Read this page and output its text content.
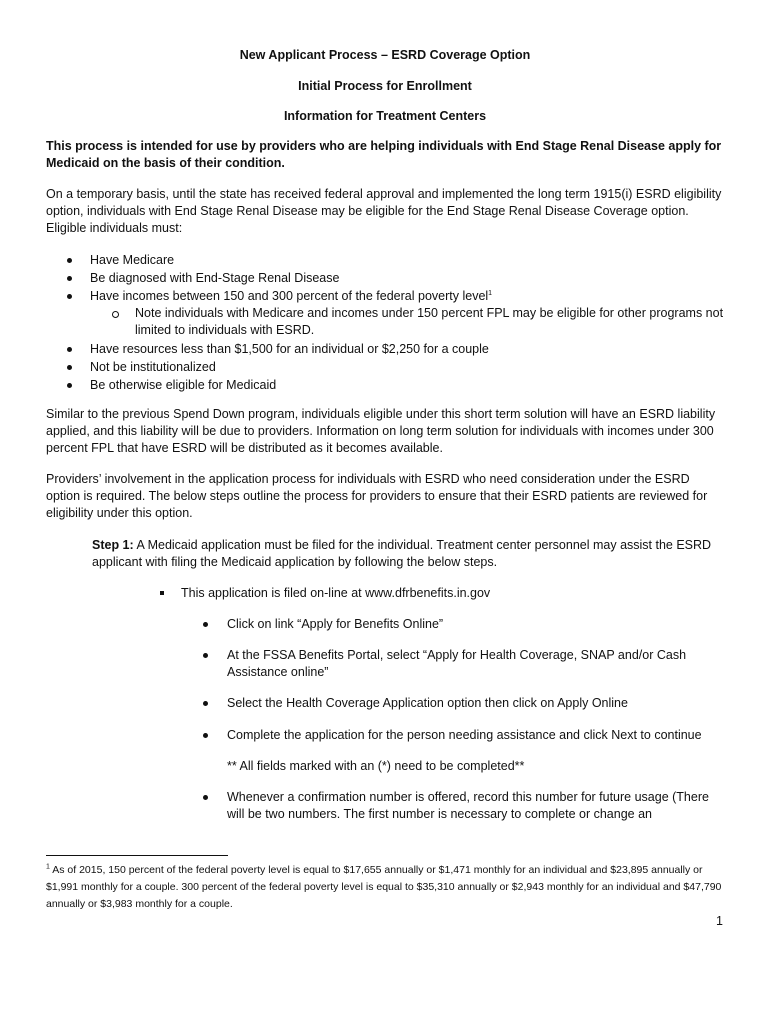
New Applicant Process – ESRD Coverage Option
Initial Process for Enrollment
Information for Treatment Centers
This process is intended for use by providers who are helping individuals with End Stage Renal Disease apply for Medicaid on the basis of their condition.
On a temporary basis, until the state has received federal approval and implemented the long term 1915(i) ESRD eligibility option, individuals with End Stage Renal Disease may be eligible for the End Stage Renal Disease Coverage option. Eligible individuals must:
Have Medicare
Be diagnosed with End-Stage Renal Disease
Have incomes between 150 and 300 percent of the federal poverty level$^1$
Note individuals with Medicare and incomes under 150 percent FPL may be eligible for other programs not limited to individuals with ESRD.
Have resources less than $1,500 for an individual or $2,250 for a couple
Not be institutionalized
Be otherwise eligible for Medicaid
Similar to the previous Spend Down program, individuals eligible under this short term solution will have an ESRD liability applied, and this liability will be due to providers. Information on long term solution for individuals with incomes under 300 percent FPL that have ESRD will be distributed as it becomes available.
Providers’ involvement in the application process for individuals with ESRD who need consideration under the ESRD option is required. The below steps outline the process for providers to ensure that their ESRD patients are reviewed for eligibility under this option.
Step 1: A Medicaid application must be filed for the individual. Treatment center personnel may assist the ESRD applicant with filing the Medicaid application by following the below steps.
This application is filed on-line at www.dfrbenefits.in.gov
Click on link “Apply for Benefits Online”
At the FSSA Benefits Portal, select “Apply for Health Coverage, SNAP and/or Cash Assistance online”
Select the Health Coverage Application option then click on Apply Online
Complete the application for the person needing assistance and click Next to continue
** All fields marked with an (*) need to be completed**
Whenever a confirmation number is offered, record this number for future usage (There will be two numbers. The first number is necessary to complete or change an
$^1$ As of 2015, 150 percent of the federal poverty level is equal to $17,655 annually or $1,471 monthly for an individual and $23,895 annually or $1,991 monthly for a couple. 300 percent of the federal poverty level is equal to $35,310 annually or $2,943 monthly for an individual and $47,790 annually or $3,983 monthly for a couple.
1
